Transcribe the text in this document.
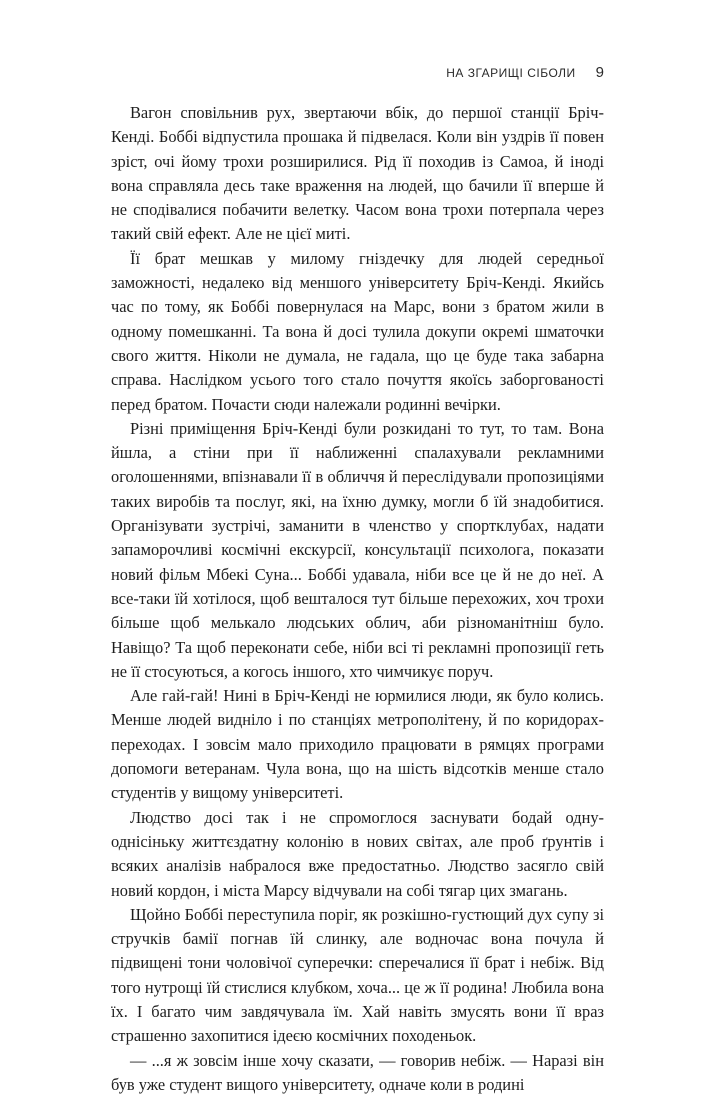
НА ЗГАРИЩІ СІБОЛИ 9

Вагон сповільнив рух, звертаючи вбік, до першої станції Бріч-Кенді. Боббі відпустила прошака й підвелася. Коли він уздрів її повен зріст, очі йому трохи розширилися. Рід її походив із Самоа, й іноді вона справляла десь таке враження на людей, що бачили її вперше й не сподівалися побачити велетку. Часом вона трохи потерпала через такий свій ефект. Але не цієї миті.

Її брат мешкав у милому гніздечку для людей середньої заможності, недалеко від меншого університету Бріч-Кенді. Якийсь час по тому, як Боббі повернулася на Марс, вони з братом жили в одному помешканні. Та вона й досі тулила докупи окремі шматочки свого життя. Ніколи не думала, не гадала, що це буде така забарна справа. Наслідком усього того стало почуття якоїсь заборгованості перед братом. Почасти сюди належали родинні вечірки.

Різні приміщення Бріч-Кенді були розкидані то тут, то там. Вона йшла, а стіни при її наближенні спалахували рекламними оголошеннями, впізнавали її в обличчя й переслідували пропозиціями таких виробів та послуг, які, на їхню думку, могли б їй знадобитися. Організувати зустрічі, заманити в членство у спортклубах, надати запаморочливі космічні екскурсії, консультації психолога, показати новий фільм Мбекі Суна... Боббі удавала, ніби все це й не до неї. А все-таки їй хотілося, щоб вешталося тут більше перехожих, хоч трохи більше щоб мелькало людських облич, аби різноманітніш було. Навіщо? Та щоб переконати себе, ніби всі ті рекламні пропозиції геть не її стосуються, а когось іншого, хто чимчикує поруч.

Але гай-гай! Нині в Бріч-Кенді не юрмилися люди, як було колись. Менше людей видніло і по станціях метрополітену, й по коридорах-переходах. І зовсім мало приходило працювати в рямцях програми допомоги ветеранам. Чула вона, що на шість відсотків менше стало студентів у вищому університеті.

Людство досі так і не спромоглося заснувати бодай одну-однісіньку життєздатну колонію в нових світах, але проб ґрунтів і всяких аналізів набралося вже предостатньо. Людство засягло свій новий кордон, і міста Марсу відчували на собі тягар цих змагань.

Щойно Боббі переступила поріг, як розкішно-густющий дух супу зі стручків бамії погнав їй слинку, але водночас вона почула й підвищені тони чоловічої суперечки: сперечалися її брат і небіж. Від того нутрощі їй стислися клубком, хоча... це ж її родина! Любила вона їх. І багато чим завдячувала їм. Хай навіть змусять вони її враз страшенно захопитися ідеєю космічних походеньок.

— ...я ж зовсім інше хочу сказати, — говорив небіж. — Наразі він був уже студент вищого університету, одначе коли в родині
